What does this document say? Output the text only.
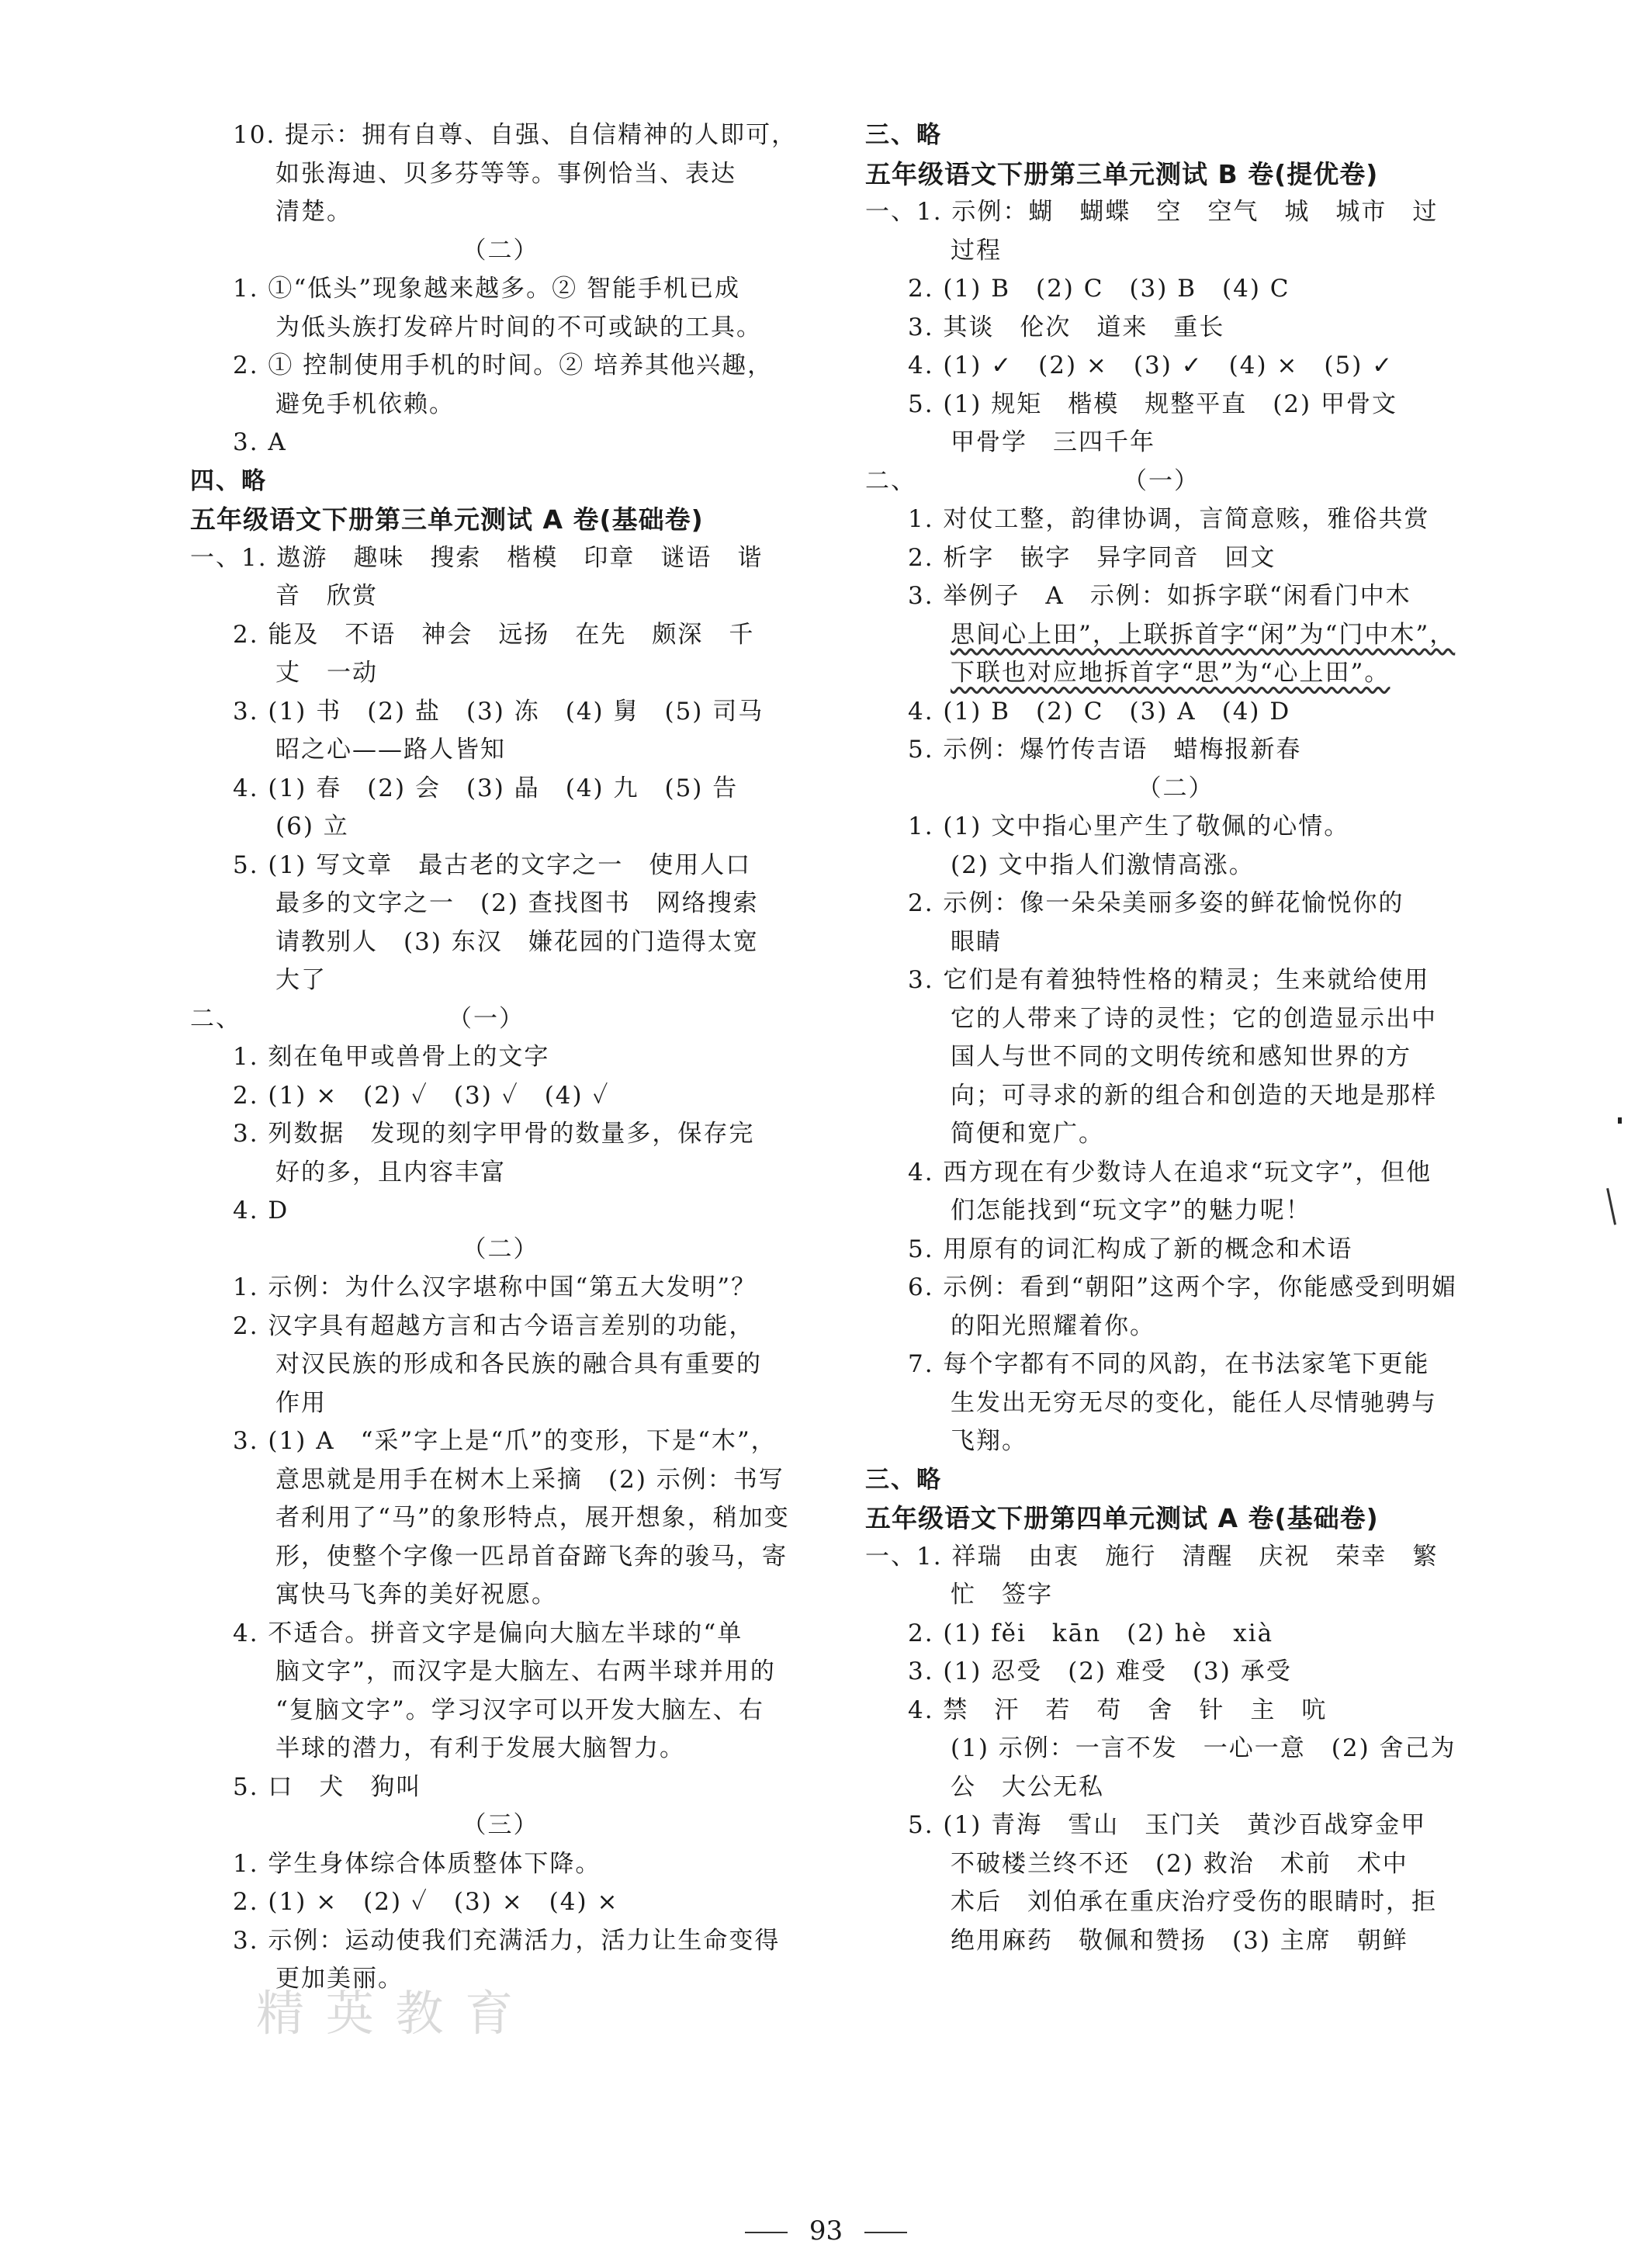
10. 提示：拥有自尊、自强、自信精神的人即可，
如张海迪、贝多芬等等。事例恰当、表达
清楚。
（二）
1. ①“低头”现象越来越多。② 智能手机已成
为低头族打发碎片时间的不可或缺的工具。
2. ① 控制使用手机的时间。② 培养其他兴趣，
避免手机依赖。
3. A
四、略
五年级语文下册第三单元测试 A 卷(基础卷)
一、1. 遨游　趣味　搜索　楷模　印章　谜语　谐
音　欣赏
2. 能及　不语　神会　远扬　在先　颇深　千
丈　一动
3. (1) 书　(2) 盐　(3) 冻　(4) 舅　(5) 司马
昭之心——路人皆知
4. (1) 春　(2) 会　(3) 晶　(4) 九　(5) 告
(6) 立
5. (1) 写文章　最古老的文字之一　使用人口
最多的文字之一　(2) 查找图书　网络搜索
请教别人　(3) 东汉　嫌花园的门造得太宽
大了
二、　　　　　　　　　（一）
1. 刻在龟甲或兽骨上的文字
2. (1) ×　(2) ✓　(3) ✓　(4) ✓
3. 列数据　发现的刻字甲骨的数量多，保存完
好的多，且内容丰富
4. D
（二）
1. 示例：为什么汉字堪称中国“第五大发明”？
2. 汉字具有超越方言和古今语言差别的功能，
对汉民族的形成和各民族的融合具有重要的
作用
3. (1) A　“采”字上是“爪”的变形，下是“木”，
意思就是用手在树木上采摘　(2) 示例：书写
者利用了“马”的象形特点，展开想象，稍加变
形，使整个字像一匹昂首奋蹄飞奔的骏马，寄
寓快马飞奔的美好祝愿。
4. 不适合。拼音文字是偏向大脑左半球的“单
脑文字”，而汉字是大脑左、右两半球并用的
“复脑文字”。学习汉字可以开发大脑左、右
半球的潜力，有利于发展大脑智力。
5. 口　犬　狗叫
（三）
1. 学生身体综合体质整体下降。
2. (1) ×　(2) ✓　(3) ×　(4) ×
3. 示例：运动使我们充满活力，活力让生命变得
更加美丽。
三、略
五年级语文下册第三单元测试 B 卷(提优卷)
一、1. 示例：蝴　蝴蝶　空　空气　城　城市　过
过程
2. (1) B　(2) C　(3) B　(4) C
3. 其谈　伦次　道来　重长
4. (1) ✓　(2) ×　(3) ✓　(4) ×　(5) ✓
5. (1) 规矩　楷模　规整平直　(2) 甲骨文
甲骨学　三四千年
二、　　　　　　　　　（一）
1. 对仗工整，韵律协调，言简意赅，雅俗共赏
2. 析字　嵌字　异字同音　回文
3. 举例子　A　示例：如拆字联“闲看门中木
思间心上田”，上联拆首字“闲”为“门中木”，
下联也对应地拆首字“思”为“心上田”。
4. (1) B　(2) C　(3) A　(4) D
5. 示例：爆竹传吉语　蜡梅报新春
（二）
1. (1) 文中指心里产生了敬佩的心情。
(2) 文中指人们激情高涨。
2. 示例：像一朵朵美丽多姿的鲜花愉悦你的
眼睛
3. 它们是有着独特性格的精灵；生来就给使用
它的人带来了诗的灵性；它的创造显示出中
国人与世不同的文明传统和感知世界的方
向；可寻求的新的组合和创造的天地是那样
简便和宽广。
4. 西方现在有少数诗人在追求“玩文字”，但他
们怎能找到“玩文字”的魅力呢！
5. 用原有的词汇构成了新的概念和术语
6. 示例：看到“朝阳”这两个字，你能感受到明媚
的阳光照耀着你。
7. 每个字都有不同的风韵，在书法家笔下更能
生发出无穷无尽的变化，能任人尽情驰骋与
飞翔。
三、略
五年级语文下册第四单元测试 A 卷(基础卷)
一、1. 祥瑞　由衷　施行　清醒　庆祝　荣幸　繁
忙　签字
2. (1) fěi　kān　(2) hè　xià
3. (1) 忍受　(2) 难受　(3) 承受
4. 禁　汗　若　苟　舍　针　主　吭
(1) 示例：一言不发　一心一意　(2) 舍己为
公　大公无私
5. (1) 青海　雪山　玉门关　黄沙百战穿金甲
不破楼兰终不还　(2) 救治　术前　术中
术后　刘伯承在重庆治疗受伤的眼睛时，拒
绝用麻药　敬佩和赞扬　(3) 主席　朝鲜
精 英 教 育
93
